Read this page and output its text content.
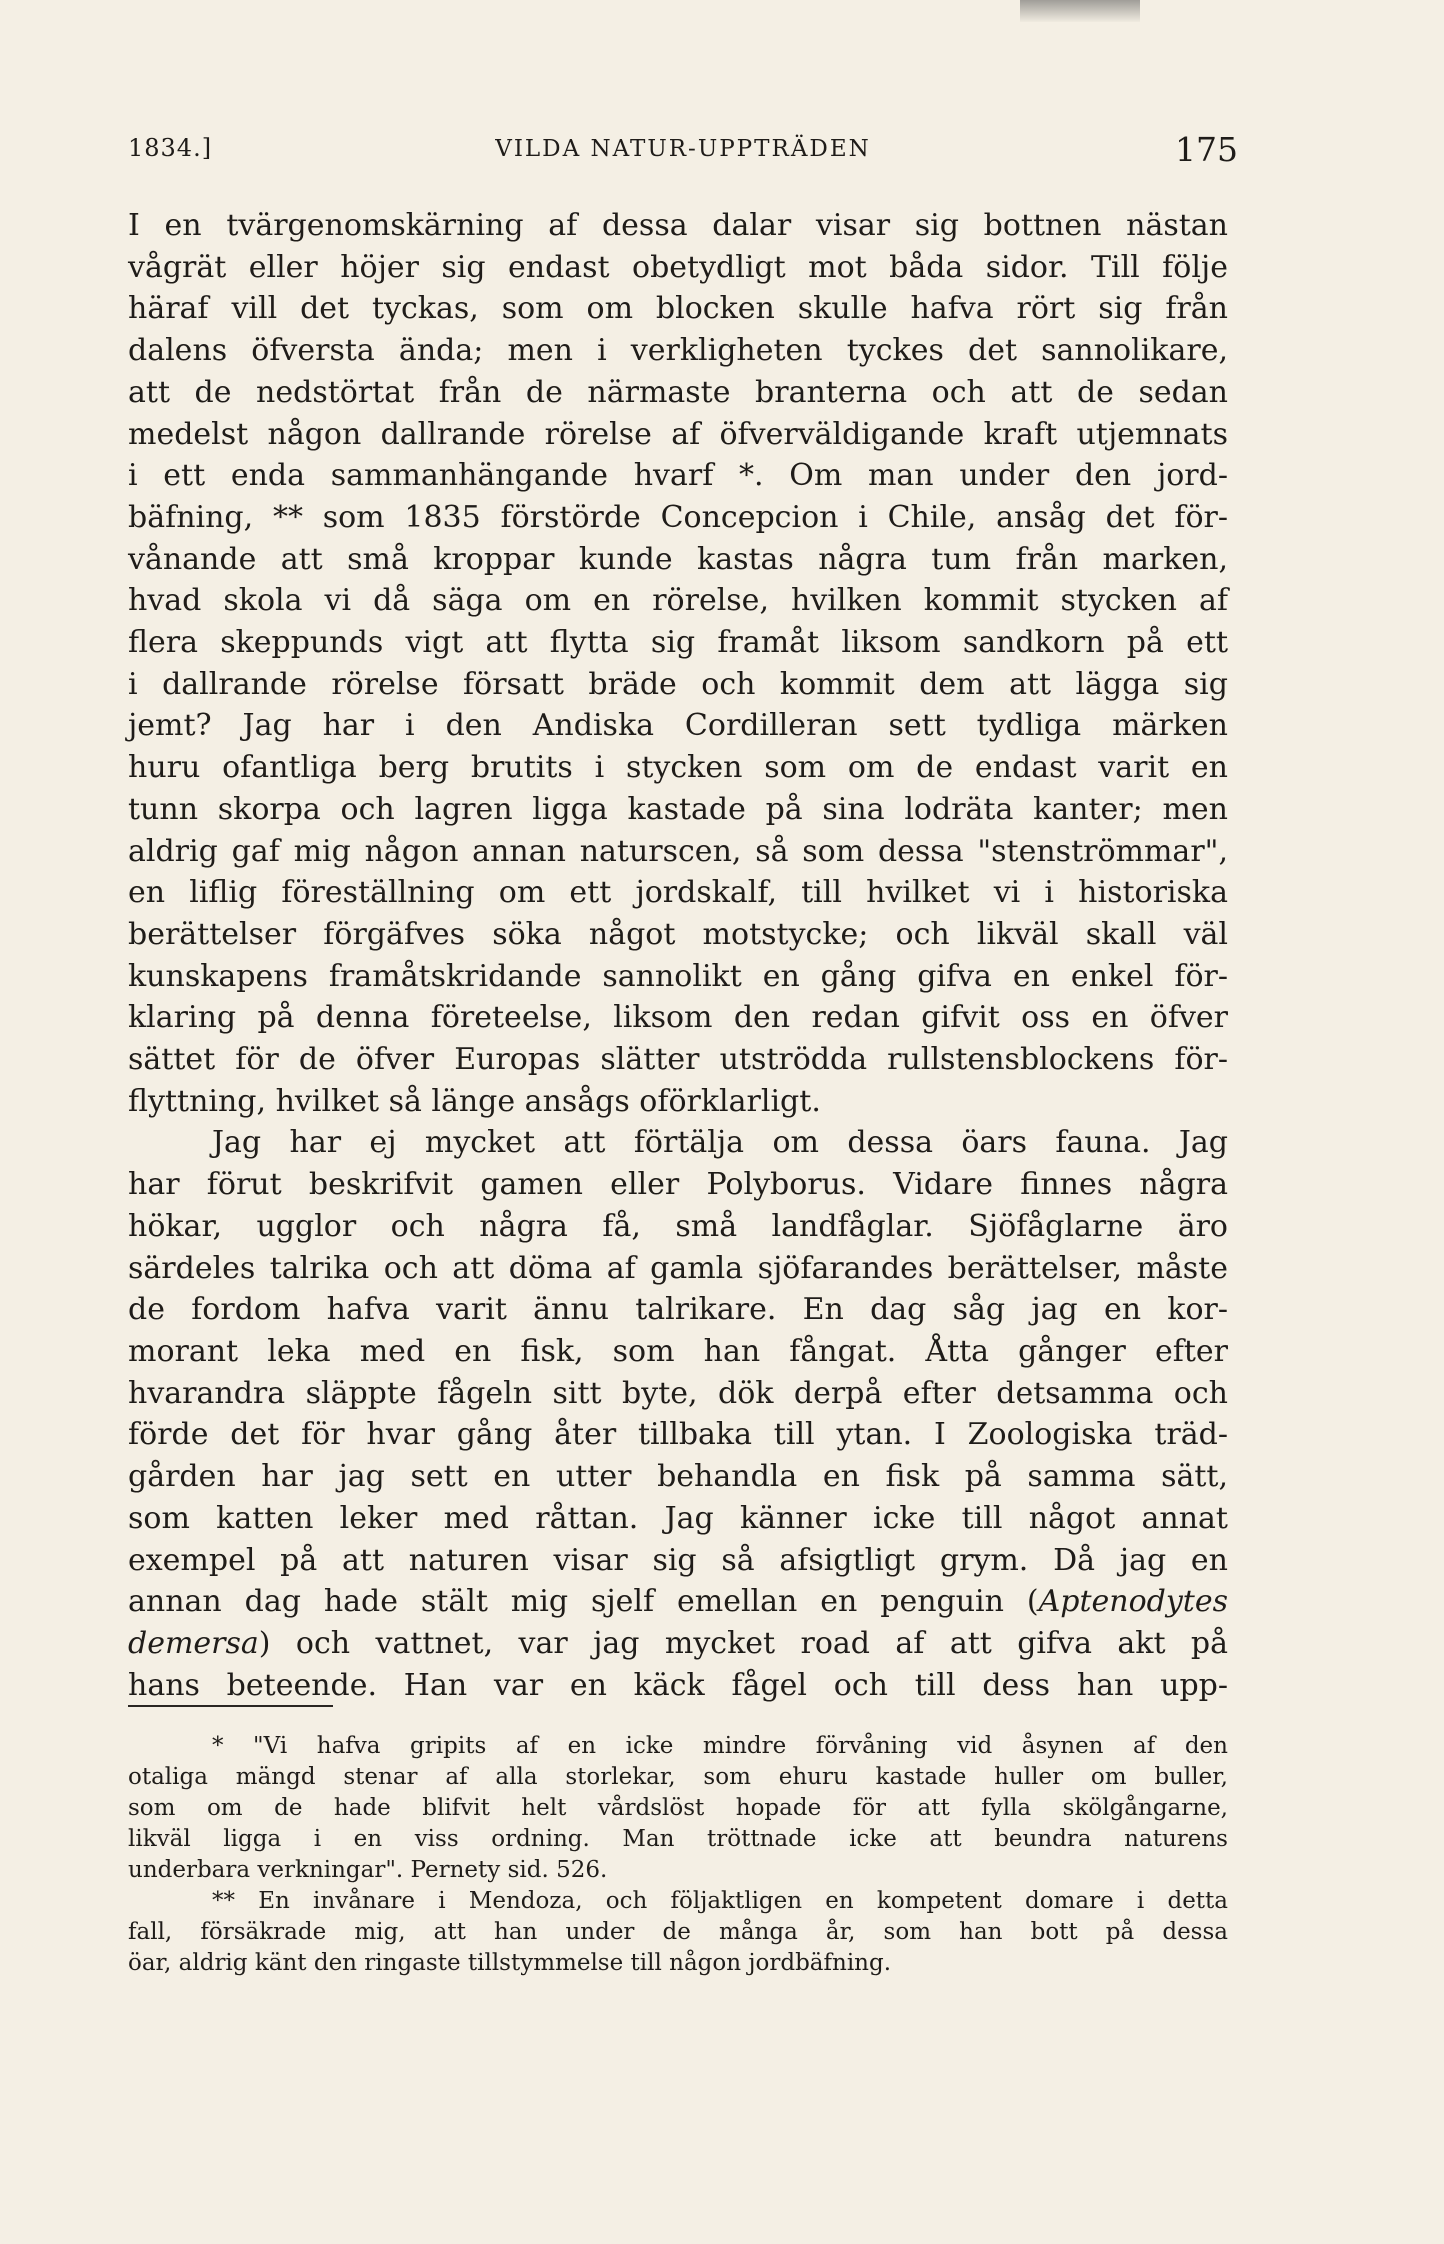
1834.]	VILDA NATUR-UPPTRÄDEN	175
I en tvärgenomskärning af dessa dalar visar sig bottnen nästan
vågrät eller höjer sig endast obetydligt mot båda sidor. Till följe
häraf vill det tyckas, som om blocken skulle hafva rört sig från
dalens öfversta ända; men i verkligheten tyckes det sannolikare,
att de nedstörtat från de närmaste branterna och att de sedan
medelst någon dallrande rörelse af öfverväldigande kraft utjemnats
i ett enda sammanhängande hvarf *. Om man under den jord-
bäfning, ** som 1835 förstörde Concepcion i Chile, ansåg det för-
vånande att små kroppar kunde kastas några tum från marken,
hvad skola vi då säga om en rörelse, hvilken kommit stycken af
flera skeppunds vigt att flytta sig framåt liksom sandkorn på ett
i dallrande rörelse försatt bräde och kommit dem att lägga sig
jemt? Jag har i den Andiska Cordilleran sett tydliga märken
huru ofantliga berg brutits i stycken som om de endast varit en
tunn skorpa och lagren ligga kastade på sina lodräta kanter; men
aldrig gaf mig någon annan naturscen, så som dessa "stenströmmar",
en liflig föreställning om ett jordskalf, till hvilket vi i historiska
berättelser förgäfves söka något motstycke; och likväl skall väl
kunskapens framåtskridande sannolikt en gång gifva en enkel för-
klaring på denna företeelse, liksom den redan gifvit oss en öfver
sättet för de öfver Europas slätter utströdda rullstensblockens för-
flyttning, hvilket så länge ansågs oförklarligt.
Jag har ej mycket att förtälja om dessa öars fauna. Jag
har förut beskrifvit gamen eller Polyborus. Vidare finnes några
hökar, ugglor och några få, små landfåglar. Sjöfåglarne äro
särdeles talrika och att döma af gamla sjöfarandes berättelser, måste
de fordom hafva varit ännu talrikare. En dag såg jag en kor-
morant leka med en fisk, som han fångat. Åtta gånger efter
hvarandra släppte fågeln sitt byte, dök derpå efter detsamma och
förde det för hvar gång åter tillbaka till ytan. I Zoologiska träd-
gården har jag sett en utter behandla en fisk på samma sätt,
som katten leker med råttan. Jag känner icke till något annat
exempel på att naturen visar sig så afsigtligt grym. Då jag en
annan dag hade stält mig sjelf emellan en penguin (Aptenodytes
demersa) och vattnet, var jag mycket road af att gifva akt på
hans beteende. Han var en käck fågel och till dess han upp-
* "Vi hafva gripits af en icke mindre förvåning vid åsynen af den
otaliga mängd stenar af alla storlekar, som ehuru kastade huller om buller,
som om de hade blifvit helt vårdslöst hopade för att fylla skölgångarne,
likväl ligga i en viss ordning. Man tröttnade icke att beundra naturens
underbara verkningar". Pernety sid. 526.
** En invånare i Mendoza, och följaktligen en kompetent domare i detta
fall, försäkrade mig, att han under de många år, som han bott på dessa
öar, aldrig känt den ringaste tillstymmelse till någon jordbäfning.
